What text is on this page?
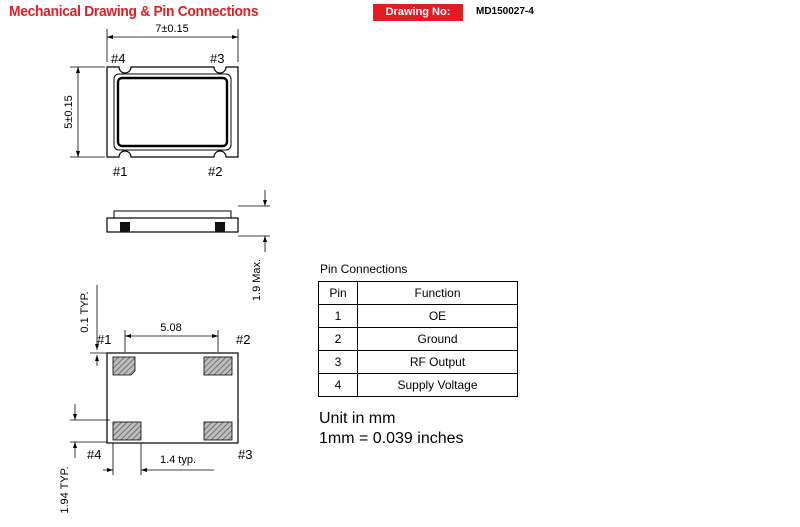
Mechanical Drawing & Pin Connections	Drawing No:	MD150027-4
7±0.15
5±0.15
#4	#3
#1	#2
1.9 Max.
0.1 TYP.	5.08
#1	#2
#4	#3
1.94 TYP.
1.4 typ.
Pin Connections
Pin	Function
1	OE
2	Ground
3	RF Output
4	Supply Voltage
Unit in mm
1mm = 0.039 inches
